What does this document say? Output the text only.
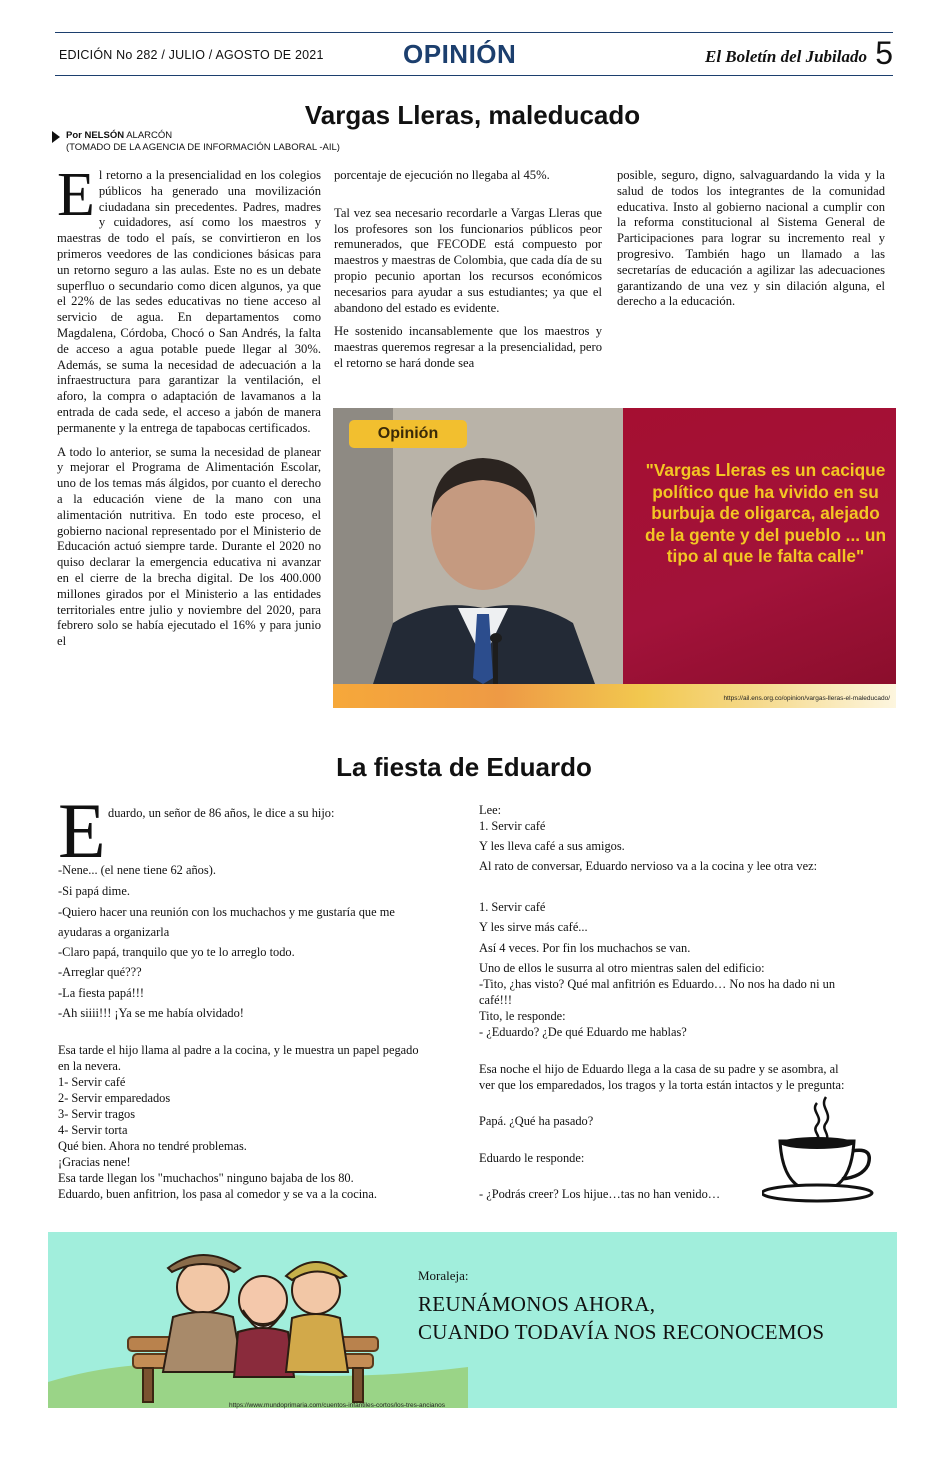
EDICIÓN No 282 / JULIO / AGOSTO DE 2021	OPINIÓN	El Boletín del Jubilado 5
Vargas Lleras, maleducado
Por NELSÓN ALARCÓN
(TOMADO DE LA AGENCIA DE INFORMACIÓN LABORAL -AIL)

El retorno a la presencialidad en los colegios públicos ha generado una movilización ciudadana sin precedentes. Padres, madres y cuidadores, así como los maestros y maestras de todo el país, se convirtieron en los primeros veedores de las condiciones básicas para un retorno seguro a las aulas. Este no es un debate superfluo o secundario como dicen algunos, ya que el 22% de las sedes educativas no tiene acceso al servicio de agua. En departamentos como Magdalena, Córdoba, Chocó o San Andrés, la falta de acceso a agua potable puede llegar al 30%. Además, se suma la necesidad de adecuación a la infraestructura para garantizar la ventilación, el aforo, la compra o adaptación de lavamanos a la entrada de cada sede, el acceso a jabón de manera permanente y la entrega de tapabocas certificados.

A todo lo anterior, se suma la necesidad de planear y mejorar el Programa de Alimentación Escolar, uno de los temas más álgidos, por cuanto el derecho a la educación viene de la mano con una alimentación nutritiva. En todo este proceso, el gobierno nacional representado por el Ministerio de Educación actuó siempre tarde. Durante el 2020 no quiso declarar la emergencia educativa ni avanzar en el cierre de la brecha digital. De los 400.000 millones girados por el Ministerio a las entidades territoriales entre julio y noviembre del 2020, para febrero solo se había ejecutado el 16% y para junio el

porcentaje de ejecución no llegaba al 45%.

Tal vez sea necesario recordarle a Vargas Lleras que los profesores son los funcionarios públicos peor remunerados, que FECODE está compuesto por maestros y maestras de Colombia, que cada día de su propio pecunio aportan los recursos económicos necesarios para ayudar a sus estudiantes; ya que el abandono del estado es evidente.

He sostenido incansablemente que los maestros y maestras queremos regresar a la presencialidad, pero el retorno se hará donde sea

posible, seguro, digno, salvaguardando la vida y la salud de todos los integrantes de la comunidad educativa. Insto al gobierno nacional a cumplir con la reforma constitucional al Sistema General de Participaciones para lograr su incremento real y progresivo. También hago un llamado a las secretarías de educación a agilizar las adecuaciones garantizando de una vez y sin dilación alguna, el derecho a la educación.

Opinión
"Vargas Lleras es un cacique político que ha vivido en su burbuja de oligarca, alejado de la gente y del pueblo ... un tipo al que le falta calle"
https://ail.ens.org.co/opinion/vargas-lleras-el-maleducado/
La fiesta de Eduardo
E duardo, un señor de 86 años, le dice a su hijo:
-Nene... (el nene tiene 62 años).
-Si papá dime.
-Quiero hacer una reunión con los muchachos y me gustaría que me
ayudaras a organizarla
-Claro papá, tranquilo que yo te lo arreglo todo.
-Arreglar qué???
-La fiesta papá!!!
-Ah siiii!!! ¡Ya se me había olvidado!
Esa tarde el hijo llama al padre a la cocina, y le muestra un papel pegado
en la nevera.
1- Servir café
2- Servir emparedados
3- Servir tragos
4- Servir torta
Qué bien. Ahora no tendré problemas.
¡Gracias nene!
Esa tarde llegan los "muchachos" ninguno bajaba de los 80.
Eduardo, buen anfitrion, los pasa al comedor y se va a la cocina.
Lee:
1. Servir café
Y les lleva café a sus amigos.
Al rato de conversar, Eduardo nervioso va a la cocina y lee otra vez:
1. Servir café
Y les sirve más café...
Así 4 veces. Por fin los muchachos se van.
Uno de ellos le susurra al otro mientras salen del edificio:
-Tito, ¿has visto? Qué mal anfitrión es Eduardo… No nos ha dado ni un
café!!!
Tito, le responde:
- ¿Eduardo? ¿De qué Eduardo me hablas?
Esa noche el hijo de Eduardo llega a la casa de su padre y se asombra, al
ver que los emparedados, los tragos y la torta están intactos y le pregunta:
Papá. ¿Qué ha pasado?
Eduardo le responde:
- ¿Podrás creer? Los hijue…tas no han venido…
Moraleja:
REUNÁMONOS AHORA,
CUANDO TODAVÍA NOS RECONOCEMOS
https://www.mundoprimaria.com/cuentos-infantiles-cortos/los-tres-ancianos
